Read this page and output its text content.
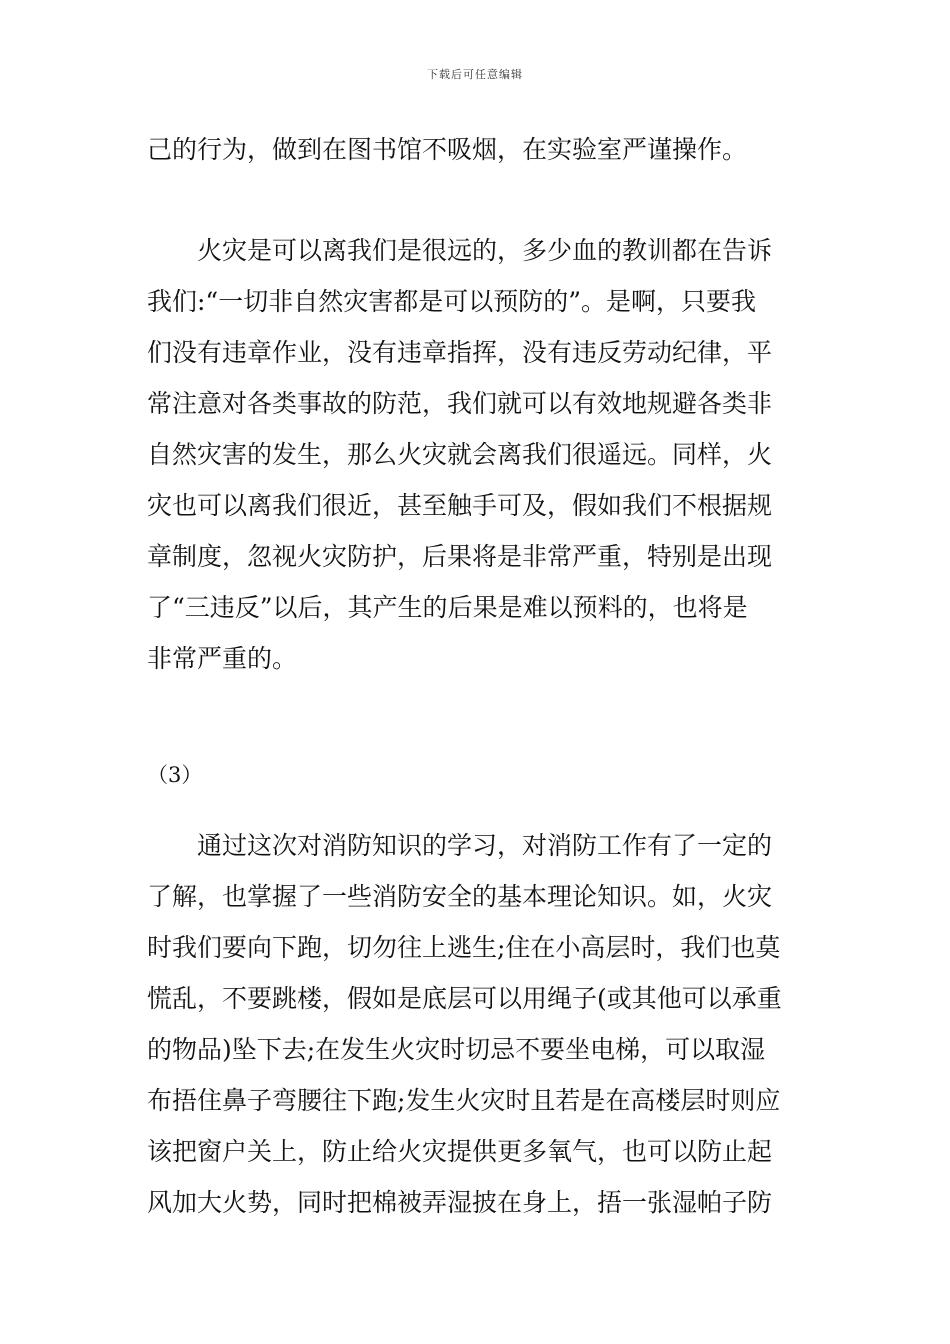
下载后可任意编辑
己的行为，做到在图书馆不吸烟，在实验室严谨操作。
火灾是可以离我们是很远的，多少血的教训都在告诉
我们:“一切非自然灾害都是可以预防的”。是啊，只要我
们没有违章作业，没有违章指挥，没有违反劳动纪律，平
常注意对各类事故的防范，我们就可以有效地规避各类非
自然灾害的发生，那么火灾就会离我们很遥远。同样，火
灾也可以离我们很近，甚至触手可及，假如我们不根据规
章制度，忽视火灾防护，后果将是非常严重，特别是出现
了“三违反”以后，其产生的后果是难以预料的，也将是
非常严重的。
（3）
通过这次对消防知识的学习，对消防工作有了一定的
了解，也掌握了一些消防安全的基本理论知识。如，火灾
时我们要向下跑，切勿往上逃生;住在小高层时，我们也莫
慌乱，不要跳楼，假如是底层可以用绳子(或其他可以承重
的物品)坠下去;在发生火灾时切忌不要坐电梯，可以取湿
布捂住鼻子弯腰往下跑;发生火灾时且若是在高楼层时则应
该把窗户关上，防止给火灾提供更多氧气，也可以防止起
风加大火势，同时把棉被弄湿披在身上，捂一张湿帕子防
